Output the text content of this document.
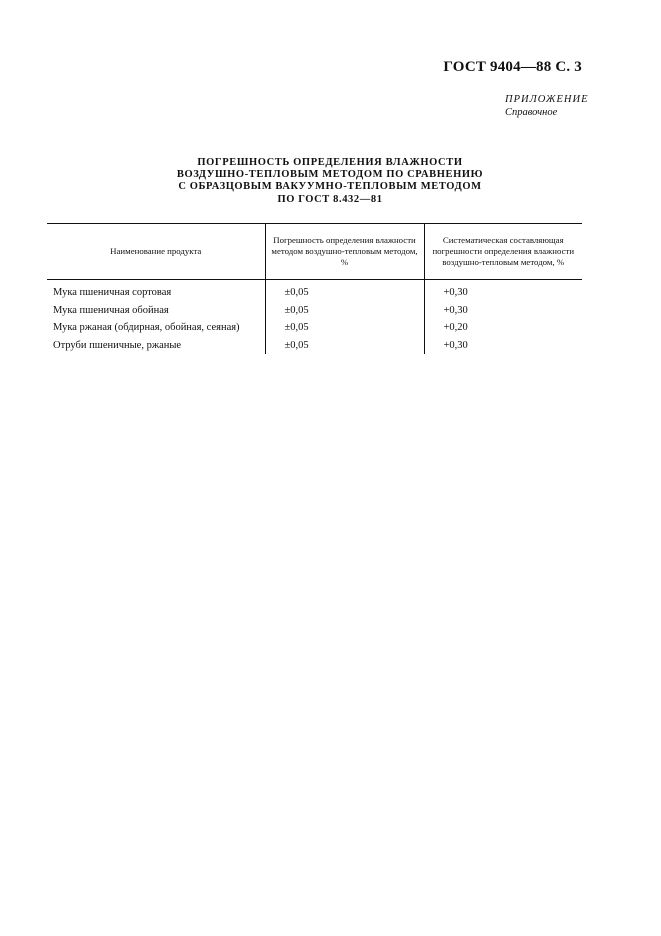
ГОСТ 9404—88 С. 3
ПРИЛОЖЕНИЕ
Справочное
ПОГРЕШНОСТЬ ОПРЕДЕЛЕНИЯ ВЛАЖНОСТИ
ВОЗДУШНО-ТЕПЛОВЫМ МЕТОДОМ ПО СРАВНЕНИЮ
С ОБРАЗЦОВЫМ ВАКУУМНО-ТЕПЛОВЫМ МЕТОДОМ
ПО ГОСТ 8.432—81
Наименование продукта	Погрешность определения влажности методом воздушно-тепловым методом, %	Систематическая составляющая погрешности определения влажности воздушно-тепловым методом, %
Мука пшеничная сортовая	±0,05	+0,30
Мука пшеничная обойная	±0,05	+0,30
Мука ржаная (обдирная, обойная, сеяная)	±0,05	+0,20
Отруби пшеничные, ржаные	±0,05	+0,30
